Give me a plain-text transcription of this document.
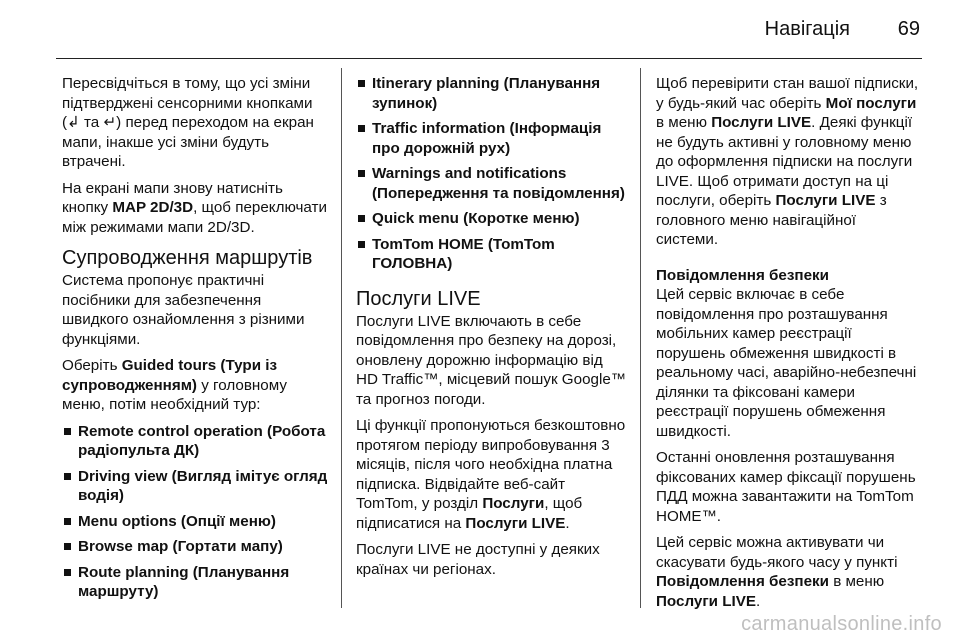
Навігація 69

Пересвідчіться в тому, що усі зміни підтверджені сенсорними кнопками (↲ та ↵) перед переходом на екран мапи, інакше усі зміни будуть втрачені.

На екрані мапи знову натисніть кнопку MAP 2D/3D, щоб переключати між режимами мапи 2D/3D.

Супроводження маршрутів

Система пропонує практичні посібники для забезпечення швидкого ознайомлення з різними функціями.

Оберіть Guided tours (Тури із супроводженням) у головному меню, потім необхідний тур:

Remote control operation (Робота радіопульта ДК)
Driving view (Вигляд імітує огляд водія)
Menu options (Опції меню)
Browse map (Гортати мапу)
Route planning (Планування маршруту)
Itinerary planning (Планування зупинок)
Traffic information (Інформація про дорожній рух)
Warnings and notifications (Попередження та повідомлення)
Quick menu (Коротке меню)
TomTom HOME (TomTom ГОЛОВНА)
Послуги LIVE

Послуги LIVE включають в себе повідомлення про безпеку на дорозі, оновлену дорожню інформацію від HD Traffic™, місцевий пошук Google™ та прогноз погоди.

Ці функції пропонуються безкоштовно протягом періоду випробовування 3 місяців, після чого необхідна платна підписка. Відвідайте веб-сайт TomTom, у розділ Послуги, щоб підписатися на Послуги LIVE.

Послуги LIVE не доступні у деяких країнах чи регіонах.

Щоб перевірити стан вашої підписки, у будь-який час оберіть Мої послуги в меню Послуги LIVE. Деякі функції не будуть активні у головному меню до оформлення підписки на послуги LIVE. Щоб отримати доступ на ці послуги, оберіть Послуги LIVE з головного меню навігаційної системи.

Повідомлення безпеки

Цей сервіс включає в себе повідомлення про розташування мобільних камер реєстрації порушень обмеження швидкості в реальному часі, аварійно-небезпечні ділянки та фіксовані камери реєстрації порушень обмеження швидкості.

Останні оновлення розташування фіксованих камер фіксації порушень ПДД можна завантажити на TomTom HOME™.

Цей сервіс можна активувати чи скасувати будь-якого часу у пункті Повідомлення безпеки в меню Послуги LIVE.

carmanualsonline.info
